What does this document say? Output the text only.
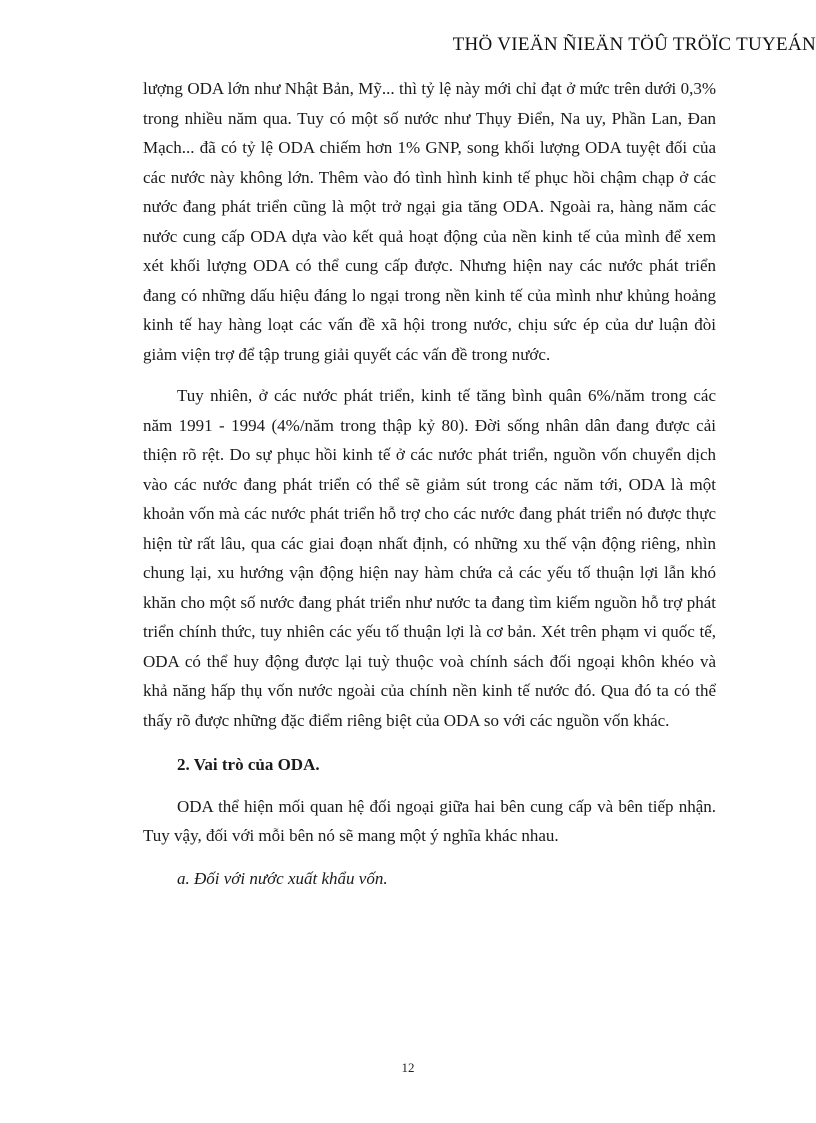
THÖ VIEÄN ÑIEÄN TÖÛ TRÖÏC TUYEÁN

lượng ODA lớn như Nhật Bản, Mỹ... thì tỷ lệ này mới chỉ đạt ở mức trên dưới 0,3% trong nhiều năm qua. Tuy có một số nước như Thụy Điển, Na uy, Phần Lan, Đan Mạch... đã có tỷ lệ ODA chiếm hơn 1% GNP, song khối lượng ODA tuyệt đối của các nước này không lớn. Thêm vào đó tình hình kinh tế phục hồi chậm chạp ở các nước đang phát triển cũng là một trở ngại gia tăng ODA. Ngoài ra, hàng năm các nước cung cấp ODA dựa vào kết quả hoạt động của nền kinh tế của mình để xem xét khối lượng ODA có thể cung cấp được. Nhưng hiện nay các nước phát triển đang có những dấu hiệu đáng lo ngại trong nền kinh tế của mình như khủng hoảng kinh tế hay hàng loạt các vấn đề xã hội trong nước, chịu sức ép của dư luận đòi giảm viện trợ để tập trung giải quyết các vấn đề trong nước.

Tuy nhiên, ở các nước phát triển, kinh tế tăng bình quân 6%/năm trong các năm 1991 - 1994 (4%/năm trong thập kỷ 80). Đời sống nhân dân đang được cải thiện rõ rệt. Do sự phục hồi kinh tế ở các nước phát triển, nguồn vốn chuyển dịch vào các nước đang phát triển có thể sẽ giảm sút trong các năm tới, ODA là một khoản vốn mà các nước phát triển hỗ trợ cho các nước đang phát triển nó được thực hiện từ rất lâu, qua các giai đoạn nhất định, có những xu thế vận động riêng, nhìn chung lại, xu hướng vận động hiện nay hàm chứa cả các yếu tố thuận lợi lẫn khó khăn cho một số nước đang phát triển như nước ta đang tìm kiếm nguồn hỗ trợ phát triển chính thức, tuy nhiên các yếu tố thuận lợi là cơ bản. Xét trên phạm vi quốc tế, ODA có thể huy động được lại tuỳ thuộc voà chính sách đối ngoại khôn khéo và khả năng hấp thụ vốn nước ngoài của chính nền kinh tế nước đó. Qua đó ta có thể thấy rõ được những đặc điểm riêng biệt của ODA so với các nguồn vốn khác.

2. Vai trò của ODA.

ODA thể hiện mối quan hệ đối ngoại giữa hai bên cung cấp và bên tiếp nhận. Tuy vậy, đối với mỗi bên nó sẽ mang một ý nghĩa khác nhau.

a. Đối với nước xuất khẩu vốn.
12
